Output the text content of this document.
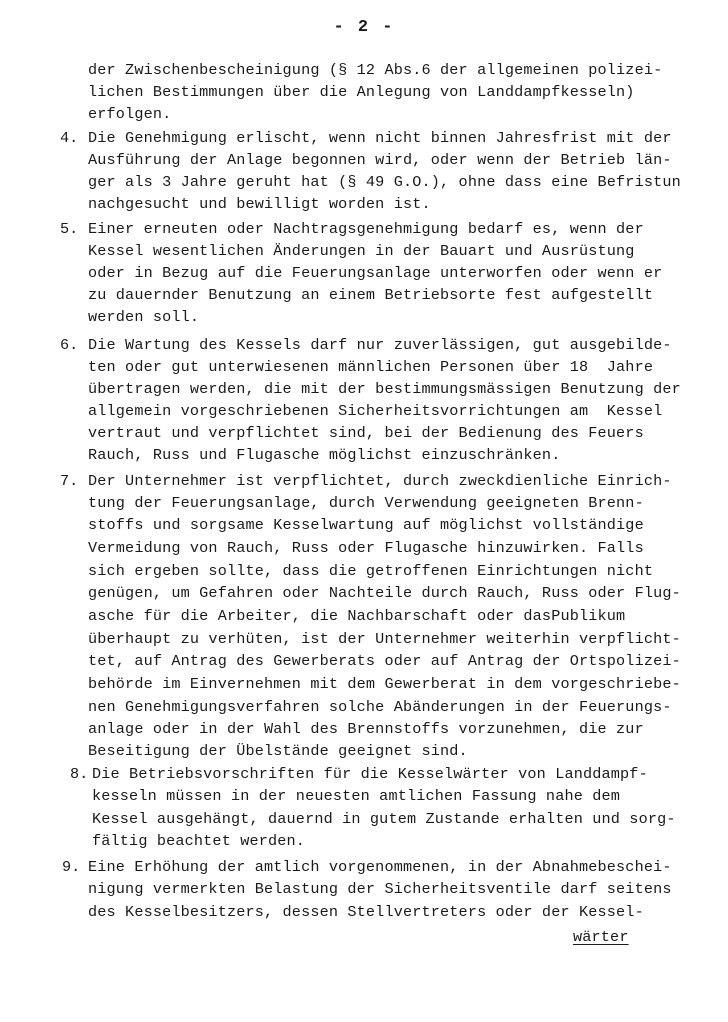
- 2 -
der Zwischenbescheinigung (§ 12 Abs.6 der allgemeinen polizei-
lichen Bestimmungen über die Anlegung von Landdampfkesseln)
erfolgen.
4. Die Genehmigung erlischt, wenn nicht binnen Jahresfrist mit der
Ausführung der Anlage begonnen wird, oder wenn der Betrieb län-
ger als 3 Jahre geruht hat (§ 49 G.O.), ohne dass eine Befristun
nachgesucht und bewilligt worden ist.
5. Einer erneuten oder Nachtragsgenehmigung bedarf es, wenn der
Kessel wesentlichen Änderungen in der Bauart und Ausrüstung
oder in Bezug auf die Feuerungsanlage unterworfen oder wenn er
zu dauernder Benutzung an einem Betriebsorte fest aufgestellt
werden soll.
6. Die Wartung des Kessels darf nur zuverlässigen, gut ausgebilde-
ten oder gut unterwiesenen männlichen Personen über 18  Jahre
übertragen werden, die mit der bestimmungsmässigen Benutzung der
allgemein vorgeschriebenen Sicherheitsvorrichtungen am  Kessel
vertraut und verpflichtet sind, bei der Bedienung des Feuers
Rauch, Russ und Flugasche möglichst einzuschränken.
7. Der Unternehmer ist verpflichtet, durch zweckdienliche Einrich-
tung der Feuerungsanlage, durch Verwendung geeigneten Brenn-
stoffs und sorgsame Kesselwartung auf möglichst vollständige
Vermeidung von Rauch, Russ oder Flugasche hinzuwirken. Falls
sich ergeben sollte, dass die getroffenen Einrichtungen nicht
genügen, um Gefahren oder Nachteile durch Rauch, Russ oder Flug-
asche für die Arbeiter, die Nachbarschaft oder dasPublikum
überhaupt zu verhüten, ist der Unternehmer weiterhin verpflicht-
tet, auf Antrag des Gewerberats oder auf Antrag der Ortspolizei-
behörde im Einvernehmen mit dem Gewerberat in dem vorgeschriebe-
nen Genehmigungsverfahren solche Abänderungen in der Feuerungs-
anlage oder in der Wahl des Brennstoffs vorzunehmen, die zur
Beseitigung der Übelstände geeignet sind.
8. Die Betriebsvorschriften für die Kesselwärter von Landdampf-
kesseln müssen in der neuesten amtlichen Fassung nahe dem
Kessel ausgehängt, dauernd in gutem Zustande erhalten und sorg-
fältig beachtet werden.
9. Eine Erhöhung der amtlich vorgenommenen, in der Abnahmebeschei-
nigung vermerkten Belastung der Sicherheitsventile darf seitens
des Kesselbesitzers, dessen Stellvertreters oder der Kessel-
wärter
